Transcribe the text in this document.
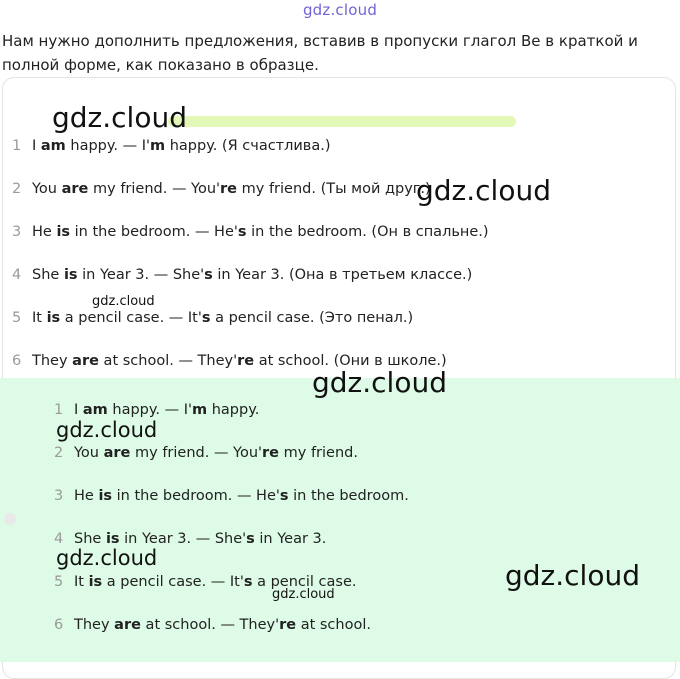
gdz.cloud
Нам нужно дополнить предложения, вставив в пропуски глагол Be в краткой и полной форме, как показано в образце.
1 I am happy. — I'm happy. (Я счастлива.)
2 You are my friend. — You're my friend. (Ты мой друг.)
3 He is in the bedroom. — He's in the bedroom. (Он в спальне.)
4 She is in Year 3. — She's in Year 3. (Она в третьем классе.)
5 It is a pencil case. — It's a pencil case. (Это пенал.)
6 They are at school. — They're at school. (Они в школе.)
1 I am happy. — I'm happy.
2 You are my friend. — You're my friend.
3 He is in the bedroom. — He's in the bedroom.
4 She is in Year 3. — She's in Year 3.
5 It is a pencil case. — It's a pencil case.
6 They are at school. — They're at school.
gdz.cloud
gdz.cloud
gdz.cloud
gdz.cloud
gdz.cloud
gdz.cloud
gdz.cloud
gdz.cloud
